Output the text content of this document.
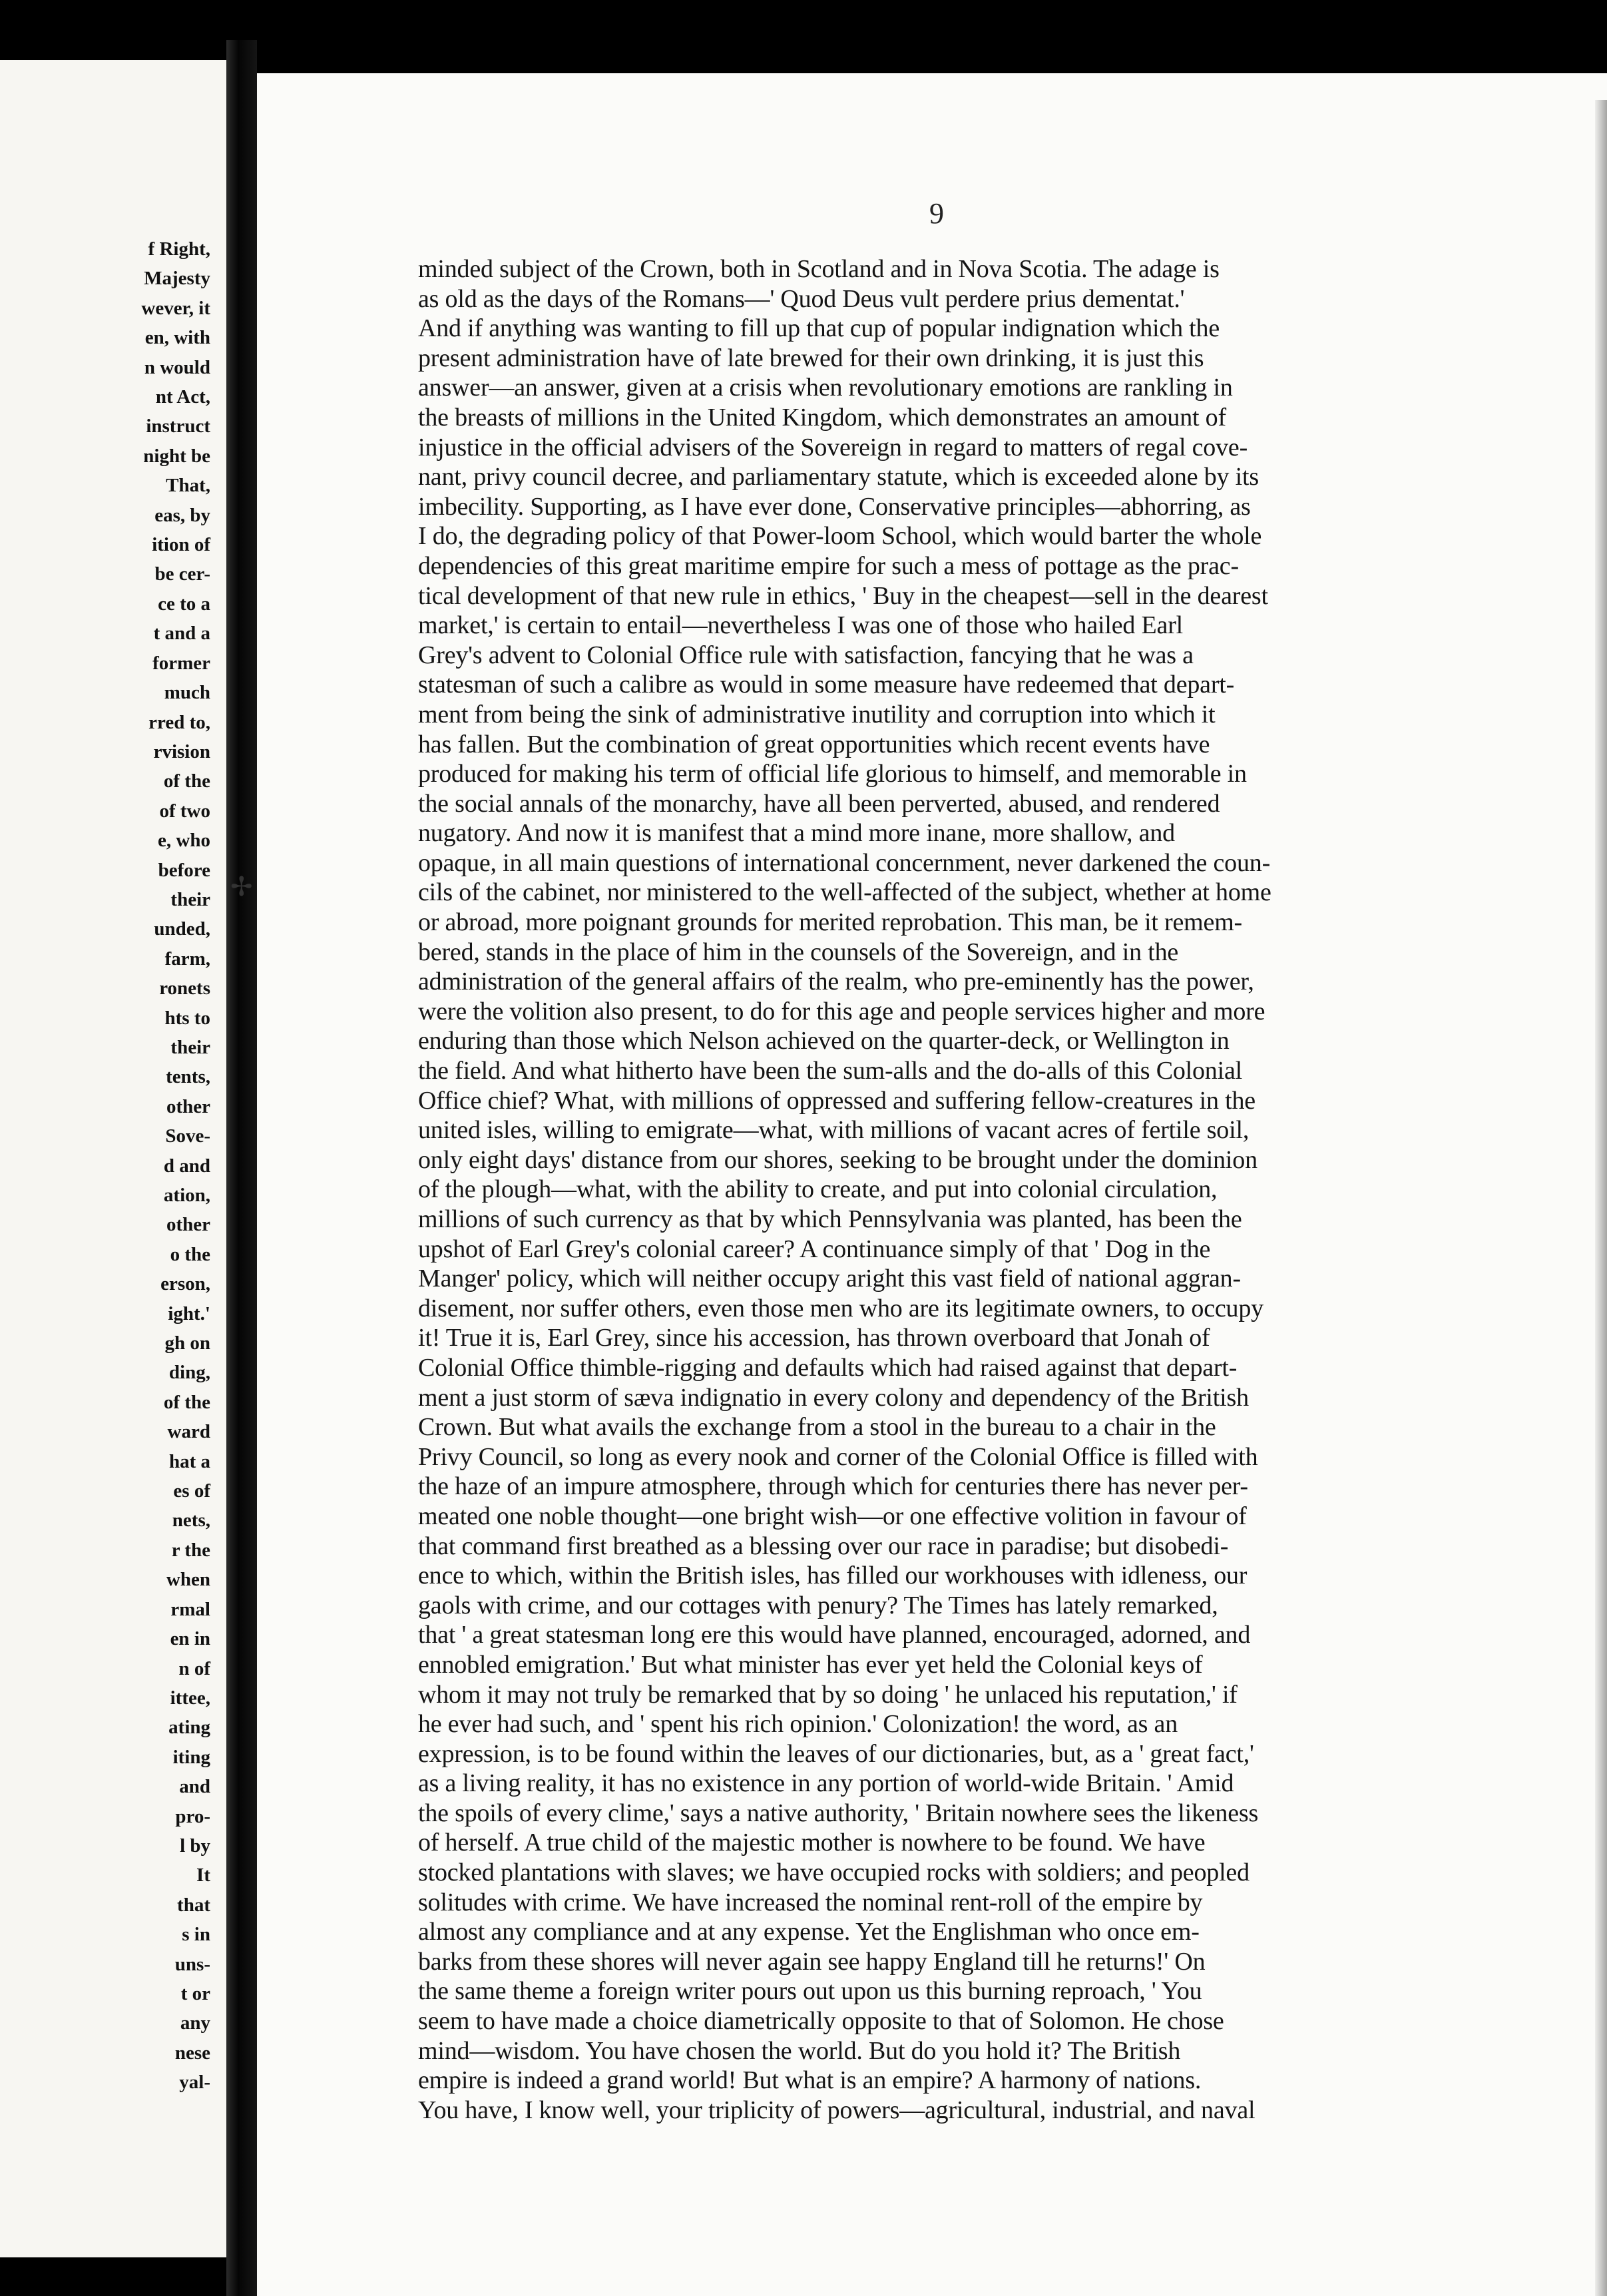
f Right,
Majesty
wever, it
en, with
n would
nt Act,
instruct
night be
That,
eas, by
ition of
be cer-
ce to a
t and a
former
much
rred to,
rvision
of the
of two
e, who
before
their
unded,
farm,
ronets
hts to
their
tents,
other
Sove-
d and
ation,
other
o the
erson,
ight.'
gh on
ding,
of the
ward
hat a
es of
nets,
r the
when
rmal
en in
n of
ittee,
ating
iting
and
pro-
l by
It
that
s in
uns-
t or
any
nese
yal-
✢
9
minded subject of the Crown, both in Scotland and in Nova Scotia. The adage is
as old as the days of the Romans—' Quod Deus vult perdere prius dementat.'
And if anything was wanting to fill up that cup of popular indignation which the
present administration have of late brewed for their own drinking, it is just this
answer—an answer, given at a crisis when revolutionary emotions are rankling in
the breasts of millions in the United Kingdom, which demonstrates an amount of
injustice in the official advisers of the Sovereign in regard to matters of regal cove-
nant, privy council decree, and parliamentary statute, which is exceeded alone by its
imbecility. Supporting, as I have ever done, Conservative principles—abhorring, as
I do, the degrading policy of that Power-loom School, which would barter the whole
dependencies of this great maritime empire for such a mess of pottage as the prac-
tical development of that new rule in ethics, ' Buy in the cheapest—sell in the dearest
market,' is certain to entail—nevertheless I was one of those who hailed Earl
Grey's advent to Colonial Office rule with satisfaction, fancying that he was a
statesman of such a calibre as would in some measure have redeemed that depart-
ment from being the sink of administrative inutility and corruption into which it
has fallen. But the combination of great opportunities which recent events have
produced for making his term of official life glorious to himself, and memorable in
the social annals of the monarchy, have all been perverted, abused, and rendered
nugatory. And now it is manifest that a mind more inane, more shallow, and
opaque, in all main questions of international concernment, never darkened the coun-
cils of the cabinet, nor ministered to the well-affected of the subject, whether at home
or abroad, more poignant grounds for merited reprobation. This man, be it remem-
bered, stands in the place of him in the counsels of the Sovereign, and in the
administration of the general affairs of the realm, who pre-eminently has the power,
were the volition also present, to do for this age and people services higher and more
enduring than those which Nelson achieved on the quarter-deck, or Wellington in
the field. And what hitherto have been the sum-alls and the do-alls of this Colonial
Office chief? What, with millions of oppressed and suffering fellow-creatures in the
united isles, willing to emigrate—what, with millions of vacant acres of fertile soil,
only eight days' distance from our shores, seeking to be brought under the dominion
of the plough—what, with the ability to create, and put into colonial circulation,
millions of such currency as that by which Pennsylvania was planted, has been the
upshot of Earl Grey's colonial career? A continuance simply of that ' Dog in the
Manger' policy, which will neither occupy aright this vast field of national aggran-
disement, nor suffer others, even those men who are its legitimate owners, to occupy
it! True it is, Earl Grey, since his accession, has thrown overboard that Jonah of
Colonial Office thimble-rigging and defaults which had raised against that depart-
ment a just storm of sæva indignatio in every colony and dependency of the British
Crown. But what avails the exchange from a stool in the bureau to a chair in the
Privy Council, so long as every nook and corner of the Colonial Office is filled with
the haze of an impure atmosphere, through which for centuries there has never per-
meated one noble thought—one bright wish—or one effective volition in favour of
that command first breathed as a blessing over our race in paradise; but disobedi-
ence to which, within the British isles, has filled our workhouses with idleness, our
gaols with crime, and our cottages with penury? The Times has lately remarked,
that ' a great statesman long ere this would have planned, encouraged, adorned, and
ennobled emigration.' But what minister has ever yet held the Colonial keys of
whom it may not truly be remarked that by so doing ' he unlaced his reputation,' if
he ever had such, and ' spent his rich opinion.' Colonization! the word, as an
expression, is to be found within the leaves of our dictionaries, but, as a ' great fact,'
as a living reality, it has no existence in any portion of world-wide Britain. ' Amid
the spoils of every clime,' says a native authority, ' Britain nowhere sees the likeness
of herself. A true child of the majestic mother is nowhere to be found. We have
stocked plantations with slaves; we have occupied rocks with soldiers; and peopled
solitudes with crime. We have increased the nominal rent-roll of the empire by
almost any compliance and at any expense. Yet the Englishman who once em-
barks from these shores will never again see happy England till he returns!' On
the same theme a foreign writer pours out upon us this burning reproach, ' You
seem to have made a choice diametrically opposite to that of Solomon. He chose
mind—wisdom. You have chosen the world. But do you hold it? The British
empire is indeed a grand world! But what is an empire? A harmony of nations.
You have, I know well, your triplicity of powers—agricultural, industrial, and naval
